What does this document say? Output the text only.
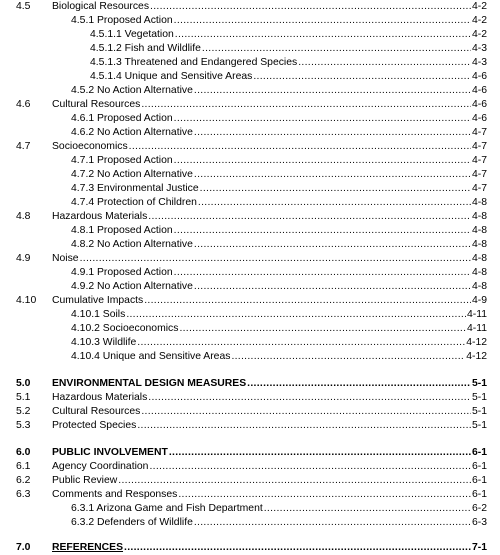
4.5 Biological Resources .....	4-2
4.5.1 Proposed Action .....	4-2
4.5.1.1 Vegetation .....	4-2
4.5.1.2 Fish and Wildlife .....	4-3
4.5.1.3 Threatened and Endangered Species .....	4-3
4.5.1.4 Unique and Sensitive Areas .....	4-6
4.5.2 No Action Alternative .....	4-6
4.6 Cultural Resources .....	4-6
4.6.1 Proposed Action .....	4-6
4.6.2 No Action Alternative .....	4-7
4.7 Socioeconomics .....	4-7
4.7.1 Proposed Action .....	4-7
4.7.2 No Action Alternative .....	4-7
4.7.3 Environmental Justice .....	4-7
4.7.4 Protection of Children .....	4-8
4.8 Hazardous Materials .....	4-8
4.8.1 Proposed Action .....	4-8
4.8.2 No Action Alternative .....	4-8
4.9 Noise .....	4-8
4.9.1 Proposed Action .....	4-8
4.9.2 No Action Alternative .....	4-8
4.10 Cumulative Impacts .....	4-9
4.10.1 Soils .....	4-11
4.10.2 Socioeconomics .....	4-11
4.10.3 Wildlife .....	4-12
4.10.4 Unique and Sensitive Areas .....	4-12
5.0 ENVIRONMENTAL DESIGN MEASURES .....	5-1
5.1 Hazardous Materials .....	5-1
5.2 Cultural Resources .....	5-1
5.3 Protected Species .....	5-1
6.0 PUBLIC INVOLVEMENT .....	6-1
6.1 Agency Coordination .....	6-1
6.2 Public Review .....	6-1
6.3 Comments and Responses .....	6-1
6.3.1 Arizona Game and Fish Department .....	6-2
6.3.2 Defenders of Wildlife .....	6-3
7.0 REFERENCES .....	7-1
